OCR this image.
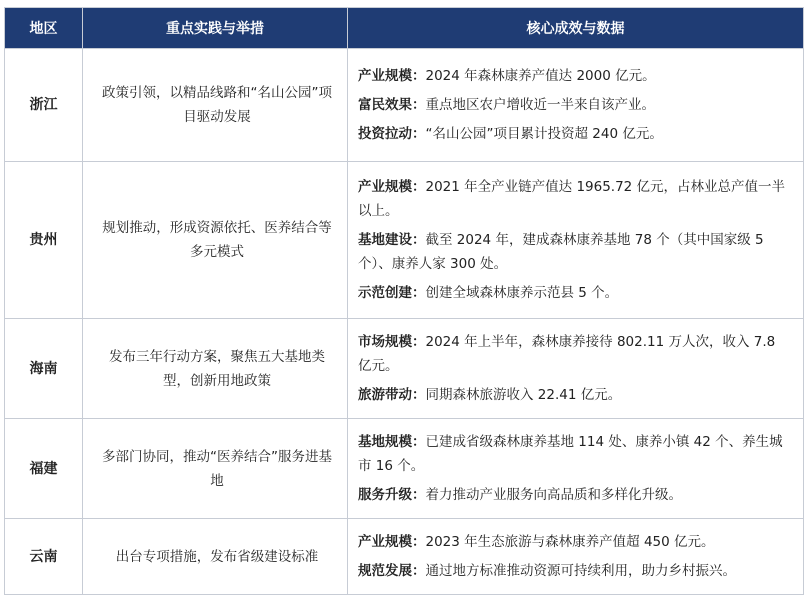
地区	重点实践与举措	核心成效与数据
浙江	政策引领，以精品线路和“名山公园”项目驱动发展	产业规模：2024 年森林康养产值达 2000 亿元。
富民效果：重点地区农户增收近一半来自该产业。
投资拉动：“名山公园”项目累计投资超 240 亿元。

贵州	规划推动，形成资源依托、医养结合等多元模式	产业规模：2021 年全产业链产值达 1965.72 亿元，占林业总产值一半以上。
基地建设：截至 2024 年，建成森林康养基地 78 个（其中国家级 5 个）、康养人家 300 处。
示范创建：创建全域森林康养示范县 5 个。

海南	发布三年行动方案，聚焦五大基地类型，创新用地政策	市场规模：2024 年上半年，森林康养接待 802.11 万人次，收入 7.8 亿元。
旅游带动：同期森林旅游收入 22.41 亿元。

福建	多部门协同，推动“医养结合”服务进基地	基地规模：已建成省级森林康养基地 114 处、康养小镇 42 个、养生城市 16 个。
服务升级：着力推动产业服务向高品质和多样化升级。

云南	出台专项措施，发布省级建设标准	产业规模：2023 年生态旅游与森林康养产值超 450 亿元。
规范发展：通过地方标准推动资源可持续利用，助力乡村振兴。
